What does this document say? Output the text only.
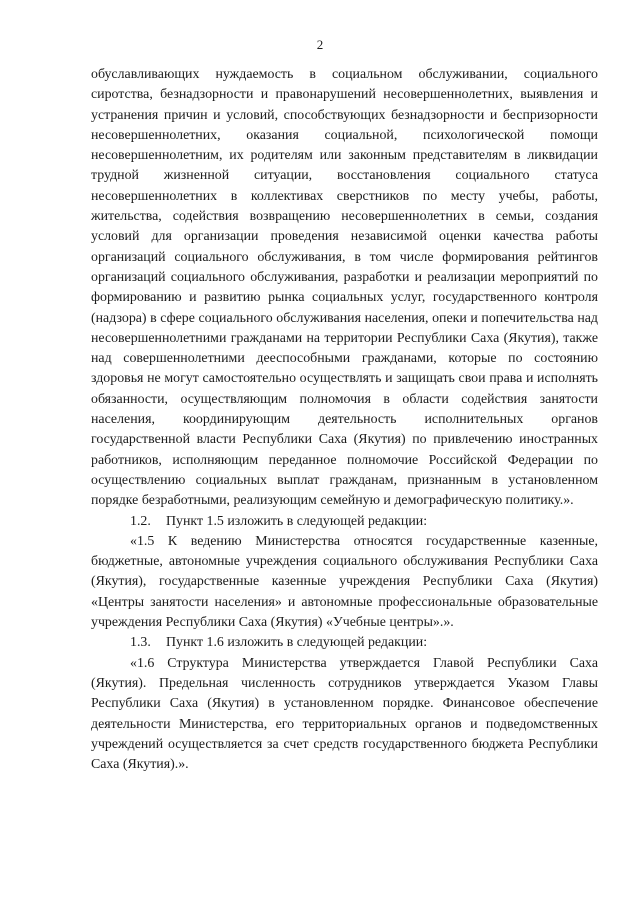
2

обуславливающих нуждаемость в социальном обслуживании, социального сиротства, безнадзорности и правонарушений несовершеннолетних, выявления и устранения причин и условий, способствующих безнадзорности и беспризорности несовершеннолетних, оказания социальной, психологической помощи несовершеннолетним, их родителям или законным представителям в ликвидации трудной жизненной ситуации, восстановления социального статуса несовершеннолетних в коллективах сверстников по месту учебы, работы, жительства, содействия возвращению несовершеннолетних в семьи, создания условий для организации проведения независимой оценки качества работы организаций социального обслуживания, в том числе формирования рейтингов организаций социального обслуживания, разработки и реализации мероприятий по формированию и развитию рынка социальных услуг, государственного контроля (надзора) в сфере социального обслуживания населения, опеки и попечительства над несовершеннолетними гражданами на территории Республики Саха (Якутия), также над совершеннолетними дееспособными гражданами, которые по состоянию здоровья не могут самостоятельно осуществлять и защищать свои права и исполнять обязанности, осуществляющим полномочия в области содействия занятости населения, координирующим деятельность исполнительных органов государственной власти Республики Саха (Якутия) по привлечению иностранных работников, исполняющим переданное полномочие Российской Федерации по осуществлению социальных выплат гражданам, признанным в установленном порядке безработными, реализующим семейную и демографическую политику.».

1.2. Пункт 1.5 изложить в следующей редакции:

«1.5 К ведению Министерства относятся государственные казенные, бюджетные, автономные учреждения социального обслуживания Республики Саха (Якутия), государственные казенные учреждения Республики Саха (Якутия) «Центры занятости населения» и автономные профессиональные образовательные учреждения Республики Саха (Якутия) «Учебные центры».».

1.3. Пункт 1.6 изложить в следующей редакции:

«1.6 Структура Министерства утверждается Главой Республики Саха (Якутия). Предельная численность сотрудников утверждается Указом Главы Республики Саха (Якутия) в установленном порядке. Финансовое обеспечение деятельности Министерства, его территориальных органов и подведомственных учреждений осуществляется за счет средств государственного бюджета Республики Саха (Якутия).».
